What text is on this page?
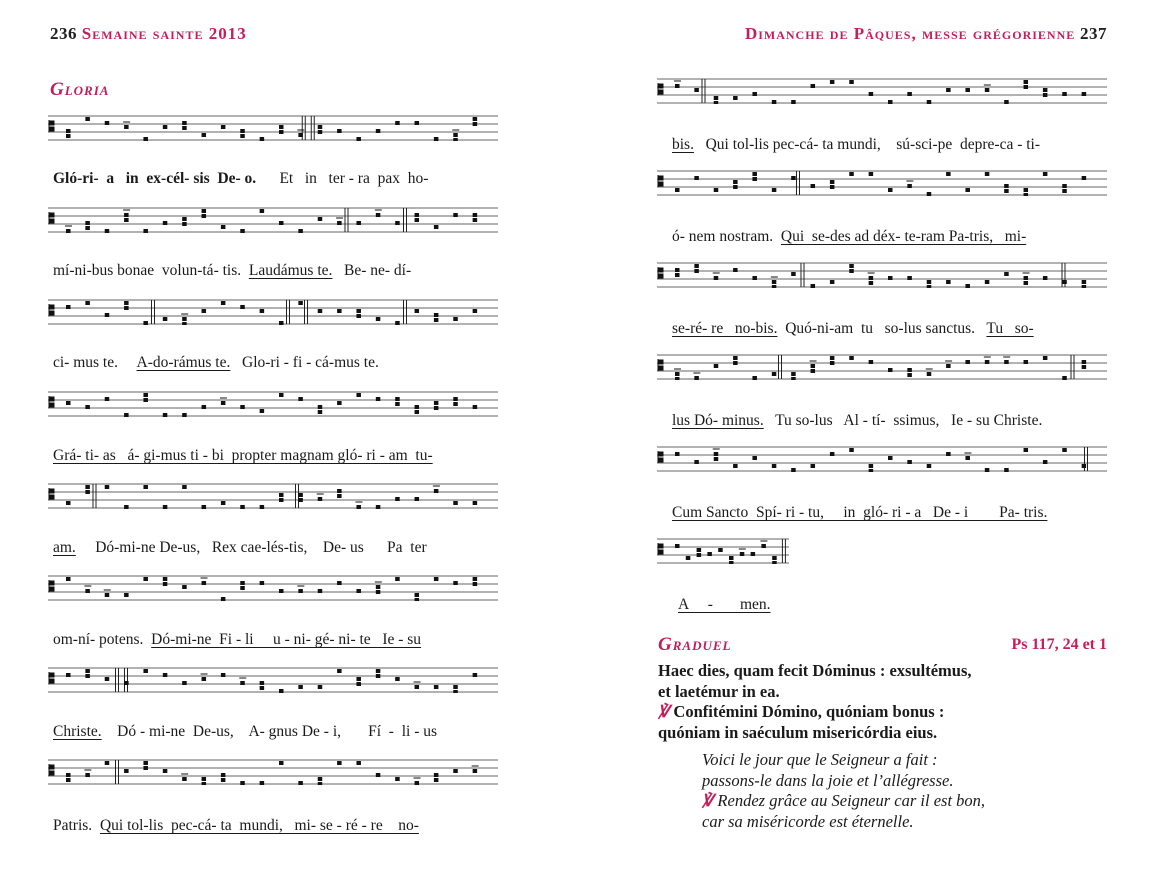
236 Semaine sainte 2013	Dimanche de Pâques, messe grégorienne 237
Gloria
Gló-ri-  a   in  ex-cél- sis  De- o.      Et   in   ter - ra  pax  ho-
mí-ni-bus bonae  volun-tá- tis.  Laudámus te.   Be- ne- dí-
ci- mus te.     A-do-rámus te.   Glo-ri - fi - cá-mus te.
Grá- ti- as   á- gi-mus ti - bi  propter magnam gló- ri - am  tu-
am.     Dó-mi-ne De-us,   Rex cae-lés-tis,    De- us      Pa  ter
om-ní- potens.  Dó-mi-ne  Fi - li     u - ni- gé- ni- te   Ie - su
Christe.    Dó - mi-ne  De-us,    A- gnus De - i,       Fí  -  li - us
Patris.  Qui tol-lis  pec-cá- ta  mundi,   mi- se - ré - re    no-
bis.   Qui tol-lis pec-cá- ta mundi,    sú-sci-pe  depre-ca - ti-
ó- nem nostram.  Qui  se-des ad déx- te-ram Pa-tris,   mi-
se-ré- re   no-bis.  Quó-ni-am  tu   so-lus sanctus.   Tu   so-
lus Dó- minus.   Tu so-lus   Al - tí-  ssimus,   Ie - su Christe.
Cum Sancto  Spí- ri - tu,     in  gló- ri - a   De - i        Pa- tris.
A     -       men.
Graduel	Ps 117, 24 et 1
Haec dies, quam fecit Dóminus : exsultémus,
et laetémur in ea.
℣ Confitémini Dómino, quóniam bonus :
quóniam in saéculum misericórdia eius.
Voici le jour que le Seigneur a fait :
passons-le dans la joie et l’allégresse.
℣ Rendez grâce au Seigneur car il est bon,
car sa miséricorde est éternelle.
